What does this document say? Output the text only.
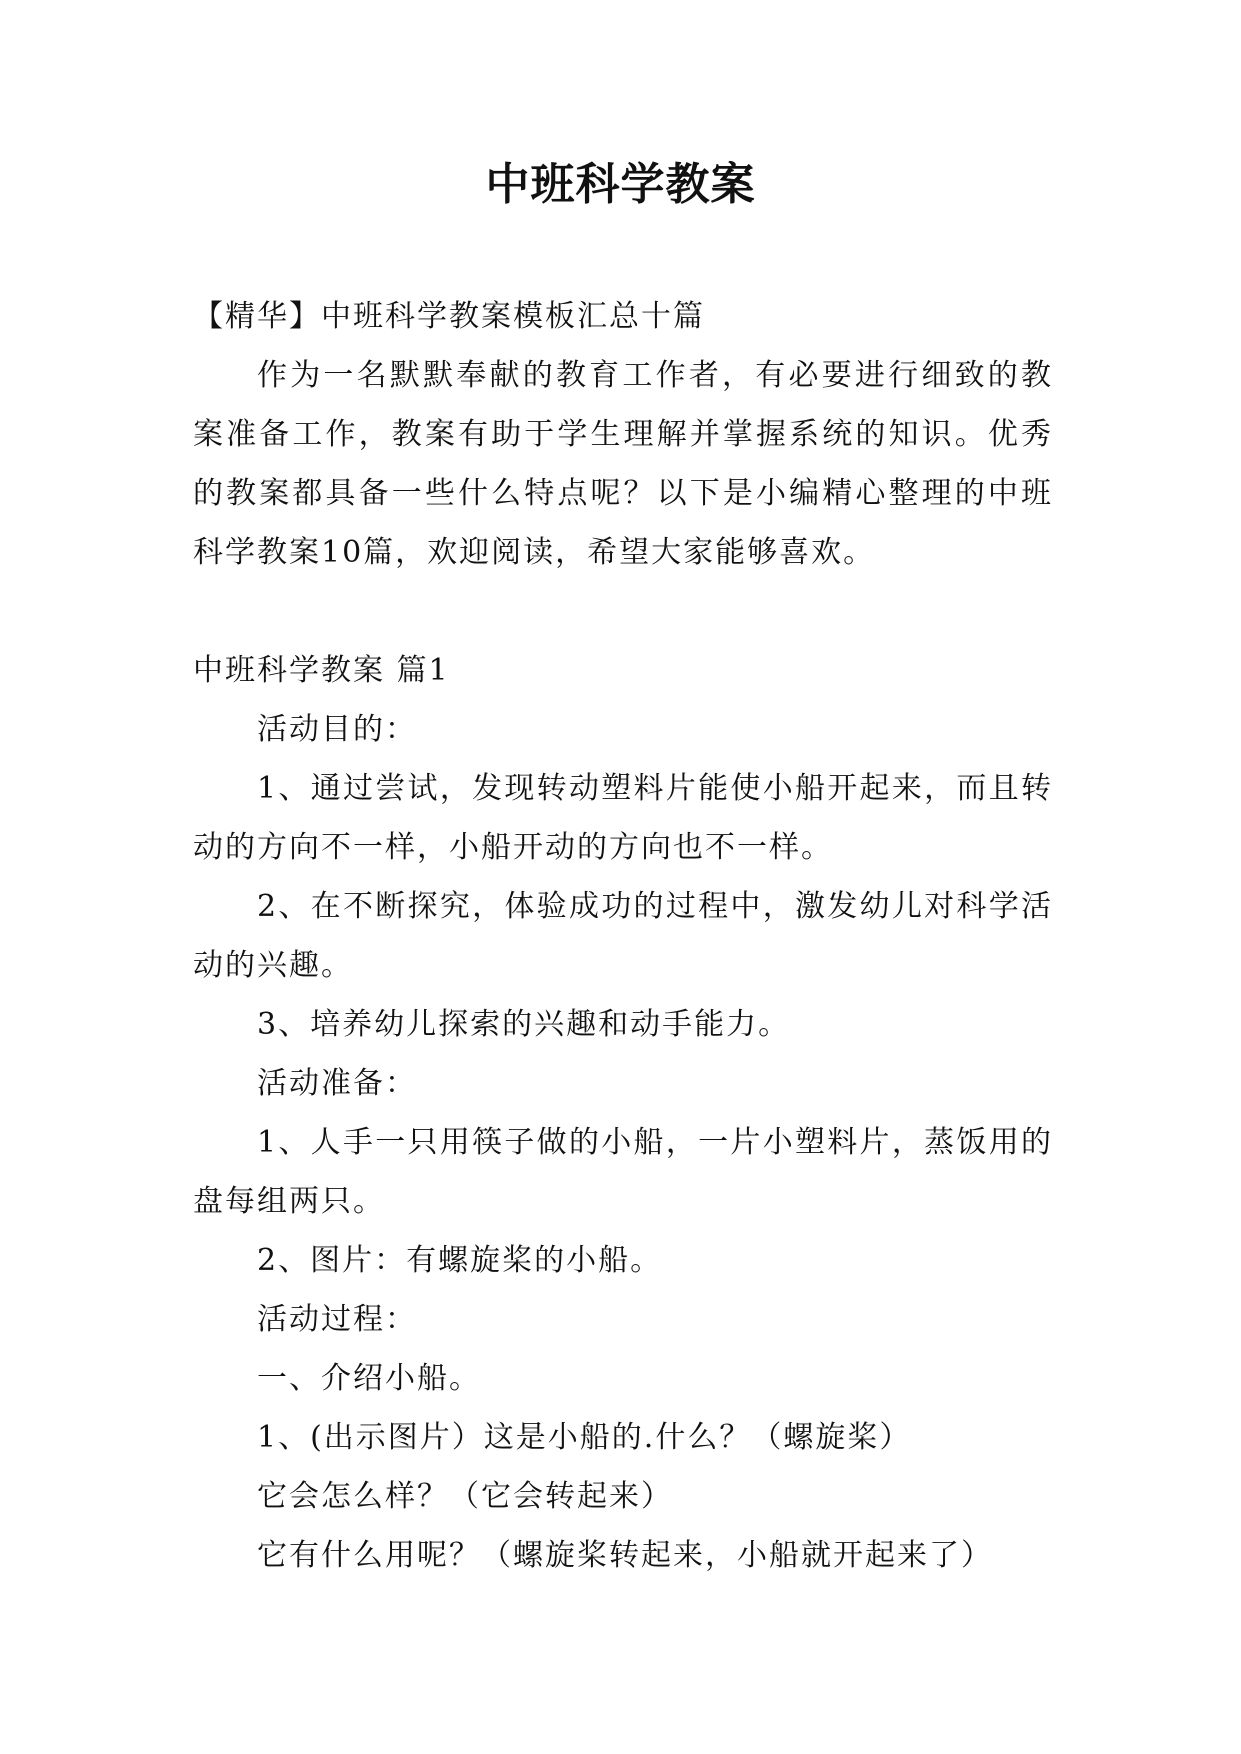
中班科学教案

【精华】中班科学教案模板汇总十篇

作为一名默默奉献的教育工作者，有必要进行细致的教案准备工作，教案有助于学生理解并掌握系统的知识。优秀的教案都具备一些什么特点呢？以下是小编精心整理的中班科学教案10篇，欢迎阅读，希望大家能够喜欢。

中班科学教案 篇1

活动目的：

1、通过尝试，发现转动塑料片能使小船开起来，而且转动的方向不一样，小船开动的方向也不一样。

2、在不断探究，体验成功的过程中，激发幼儿对科学活动的兴趣。

3、培养幼儿探索的兴趣和动手能力。

活动准备：

1、人手一只用筷子做的小船，一片小塑料片，蒸饭用的盘每组两只。

2、图片：有螺旋桨的小船。

活动过程：

一、介绍小船。

1、(出示图片）这是小船的.什么？（螺旋桨）

它会怎么样？（它会转起来）

它有什么用呢？（螺旋桨转起来，小船就开起来了）
